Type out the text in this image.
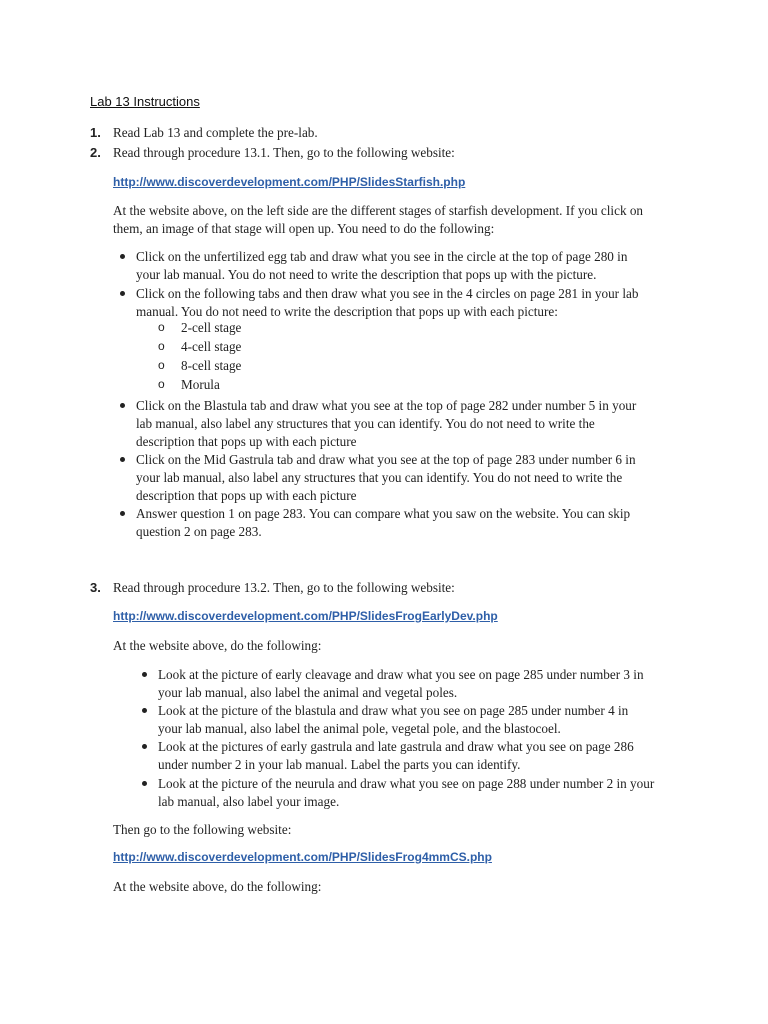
Lab 13 Instructions
1. Read Lab 13 and complete the pre-lab.
2. Read through procedure 13.1. Then, go to the following website:
http://www.discoverdevelopment.com/PHP/SlidesStarfish.php
At the website above, on the left side are the different stages of starfish development. If you click on
them, an image of that stage will open up. You need to do the following:
Click on the unfertilized egg tab and draw what you see in the circle at the top of page 280 in
your lab manual. You do not need to write the description that pops up with the picture.
Click on the following tabs and then draw what you see in the 4 circles on page 281 in your lab
manual. You do not need to write the description that pops up with each picture:
o 2-cell stage
o 4-cell stage
o 8-cell stage
o Morula
Click on the Blastula tab and draw what you see at the top of page 282 under number 5 in your
lab manual, also label any structures that you can identify. You do not need to write the
description that pops up with each picture
Click on the Mid Gastrula tab and draw what you see at the top of page 283 under number 6 in
your lab manual, also label any structures that you can identify. You do not need to write the
description that pops up with each picture
Answer question 1 on page 283. You can compare what you saw on the website. You can skip
question 2 on page 283.
3. Read through procedure 13.2. Then, go to the following website:
http://www.discoverdevelopment.com/PHP/SlidesFrogEarlyDev.php
At the website above, do the following:
Look at the picture of early cleavage and draw what you see on page 285 under number 3 in
your lab manual, also label the animal and vegetal poles.
Look at the picture of the blastula and draw what you see on page 285 under number 4 in
your lab manual, also label the animal pole, vegetal pole, and the blastocoel.
Look at the pictures of early gastrula and late gastrula and draw what you see on page 286
under number 2 in your lab manual. Label the parts you can identify.
Look at the picture of the neurula and draw what you see on page 288 under number 2 in your
lab manual, also label your image.
Then go to the following website:
http://www.discoverdevelopment.com/PHP/SlidesFrog4mmCS.php
At the website above, do the following:
